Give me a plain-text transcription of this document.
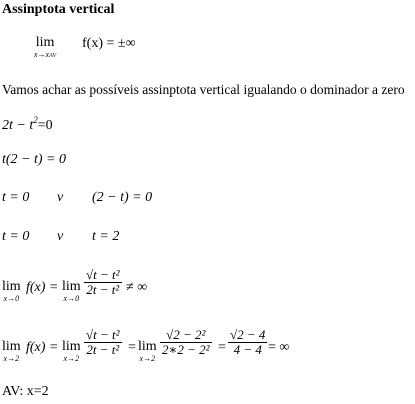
Assinptota vertical
lim
x→xAV
f(x) = ±∞
Vamos achar as possíveis assinptota vertical igualando o dominador a zero
$2t - t^2=0$
t(2 − t) = 0
t = 0 ν (2 − t) = 0
t = 0 ν t = 2
lim
x→0
f(x) = lim
x→0
$\frac{\text{√t − t²}}{\text{2t − t²}}$ ≠ ∞
lim
x→2
f(x) = lim
x→2
$\frac{\text{√t − t²}}{\text{2t − t²}} = \lim$
x→2
$\frac{\text{√2 − 2²}}{\text{2∗2 − 2²}} = \frac{√2 - 4}{4 - 4}$ = ∞
AV: x=2
